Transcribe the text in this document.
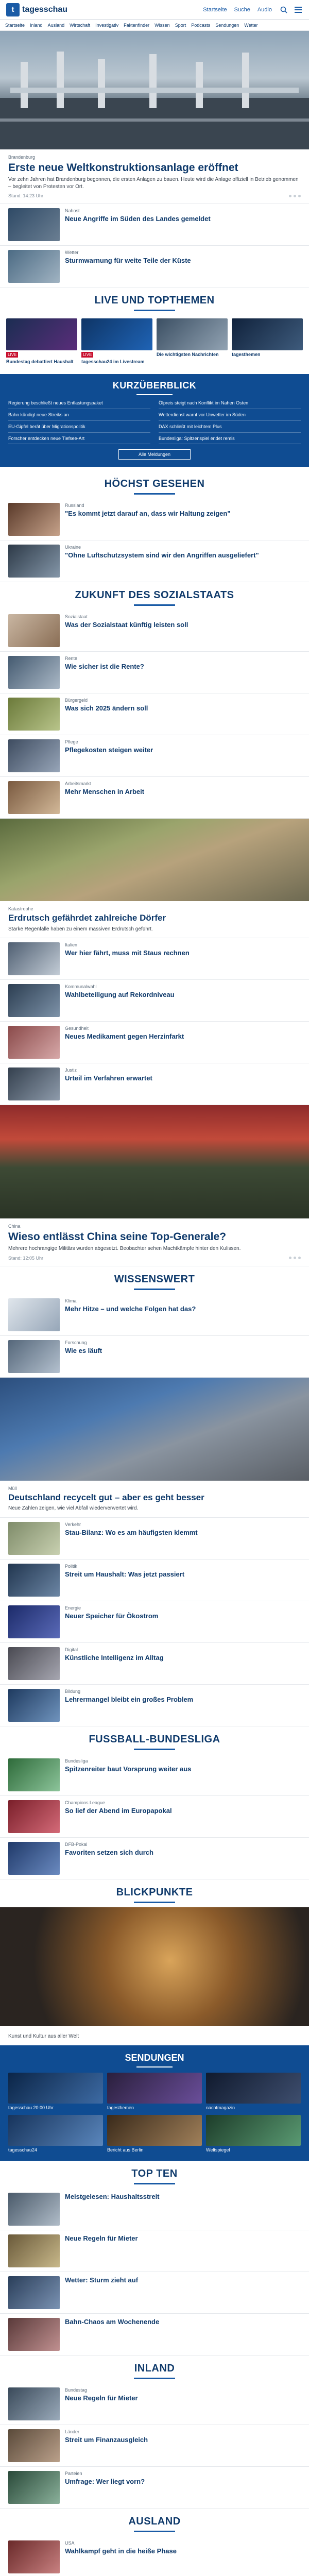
t tagesschau	Startseite Suche Audio
Startseite Inland Ausland Wirtschaft Investigativ Faktenfinder Wissen Sport Podcasts Sendungen Wetter
Brandenburg
Erste neue Weltkonstruktionsanlage eröffnet
Vor zehn Jahren hat Brandenburg begonnen, die ersten Anlagen zu bauen. Heute wird die Anlage offiziell in Betrieb genommen – begleitet von Protesten vor Ort.
Stand: 14:23 Uhr
Nahost
Neue Angriffe im Süden des Landes gemeldet
Wetter
Sturmwarnung für weite Teile der Küste
LIVE UND TOPTHEMEN
LIVE
Bundestag debattiert Haushalt
LIVE
tagesschau24 im Livestream
Die wichtigsten Nachrichten	tagesthemen
KURZÜBERBLICK
Regierung beschließt neues Entlastungspaket	Ölpreis steigt nach Konflikt im Nahen Osten
Bahn kündigt neue Streiks an	Wetterdienst warnt vor Unwetter im Süden
EU-Gipfel berät über Migrationspolitik	DAX schließt mit leichtem Plus
Forscher entdecken neue Tiefsee-Art	Bundesliga: Spitzenspiel endet remis
Alle Meldungen
HÖCHST GESEHEN
Russland
"Es kommt jetzt darauf an, dass wir Haltung zeigen"
Ukraine
"Ohne Luftschutzsystem sind wir den Angriffen ausgeliefert"
ZUKUNFT DES SOZIALSTAATS
Sozialstaat
Was der Sozialstaat künftig leisten soll
Rente
Wie sicher ist die Rente?
Bürgergeld
Was sich 2025 ändern soll
Pflege
Pflegekosten steigen weiter
Arbeitsmarkt
Mehr Menschen in Arbeit
Katastrophe
Erdrutsch gefährdet zahlreiche Dörfer
Starke Regenfälle haben zu einem massiven Erdrutsch geführt.
Italien
Wer hier fährt, muss mit Staus rechnen
Kommunalwahl
Wahlbeteiligung auf Rekordniveau
Gesundheit
Neues Medikament gegen Herzinfarkt
Justiz
Urteil im Verfahren erwartet
China
Wieso entlässt China seine Top-Generale?
Mehrere hochrangige Militärs wurden abgesetzt. Beobachter sehen Machtkämpfe hinter den Kulissen.
Stand: 12:05 Uhr
WISSENSWERT
Klima
Mehr Hitze – und welche Folgen hat das?
Forschung
Wie es läuft
Müll
Deutschland recycelt gut – aber es geht besser
Neue Zahlen zeigen, wie viel Abfall wiederverwertet wird.
Verkehr
Stau-Bilanz: Wo es am häufigsten klemmt
Politik
Streit um Haushalt: Was jetzt passiert
Energie
Neuer Speicher für Ökostrom
Digital
Künstliche Intelligenz im Alltag
Bildung
Lehrermangel bleibt ein großes Problem
FUSSBALL-BUNDESLIGA
Bundesliga
Spitzenreiter baut Vorsprung weiter aus
Champions League
So lief der Abend im Europapokal
DFB-Pokal
Favoriten setzen sich durch
BLICKPUNKTE
Kunst und Kultur aus aller Welt
SENDUNGEN
tagesschau 20:00 Uhr	tagesthemen	nachtmagazin
tagesschau24	Bericht aus Berlin	Weltspiegel
TOP TEN
Meistgelesen: Haushaltsstreit
Neue Regeln für Mieter
Wetter: Sturm zieht auf
Bahn-Chaos am Wochenende
INLAND
Bundestag
Neue Regeln für Mieter
Länder
Streit um Finanzausgleich
Parteien
Umfrage: Wer liegt vorn?
AUSLAND
USA
Wahlkampf geht in die heiße Phase
